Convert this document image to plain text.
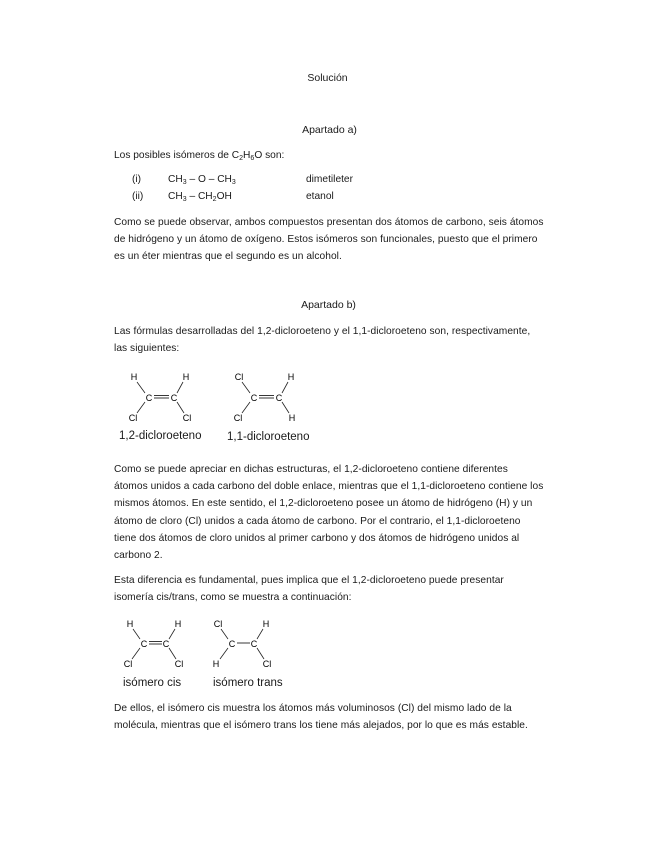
Solución
Apartado a)
Los posibles isómeros de $C_2H_6O$ son:
(i)	$CH_3$ – O – $CH_3$	dimetileter
(ii) $CH_3 - CH_2OH$	etanol

Como se puede observar, ambos compuestos presentan dos átomos de carbono, seis átomos de hidrógeno y un átomo de oxígeno. Estos isómeros son funcionales, puesto que el primero es un éter mientras que el segundo es un alcohol.

Apartado b)

Las fórmulas desarrolladas del 1,2-dicloroeteno y el 1,1-dicloroeteno son, respectivamente, las siguientes:

H	H
C C
Cl	Cl
Cl	H
C C
Cl	H
1,2-dicloroeteno 1,1-dicloroeteno

Como se puede apreciar en dichas estructuras, el 1,2-dicloroeteno contiene diferentes átomos unidos a cada carbono del doble enlace, mientras que el 1,1-dicloroeteno contiene los mismos átomos. En este sentido, el 1,2-dicloroeteno posee un átomo de hidrógeno (H) y un átomo de cloro (Cl) unidos a cada átomo de carbono. Por el contrario, el 1,1-dicloroeteno tiene dos átomos de cloro unidos al primer carbono y dos átomos de hidrógeno unidos al carbono 2.

Esta diferencia es fundamental, pues implica que el 1,2-dicloroeteno puede presentar isomería cis/trans, como se muestra a continuación:

H	H
C C
Cl	Cl
Cl	H
C C
H	Cl
isómero cis	isómero trans

De ellos, el isómero cis muestra los átomos más voluminosos (Cl) del mismo lado de la molécula, mientras que el isómero trans los tiene más alejados, por lo que es más estable.
